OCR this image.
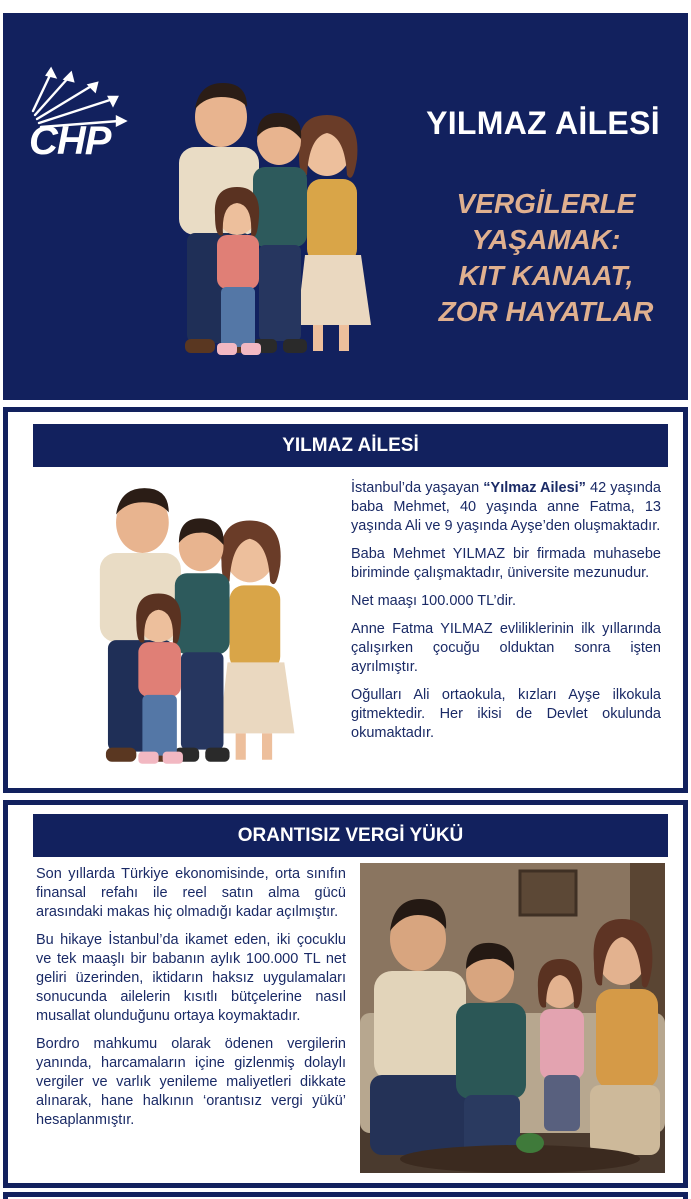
CHP	YILMAZ AİLESİ
VERGİLERLE
YAŞAMAK:
KIT KANAAT,
ZOR HAYATLAR
YILMAZ AİLESİ

İstanbul’da yaşayan “Yılmaz Ailesi” 42 yaşında baba Mehmet, 40 yaşında anne Fatma, 13 yaşında Ali ve 9 yaşında Ayşe’den oluşmaktadır.

Baba Mehmet YILMAZ bir firmada muhasebe biriminde çalışmaktadır, üniversite mezunudur.

Net maaşı 100.000 TL’dir.

Anne Fatma YILMAZ evliliklerinin ilk yıllarında çalışırken çocuğu olduktan sonra işten ayrılmıştır.

Oğulları Ali ortaokula, kızları Ayşe ilkokula gitmektedir. Her ikisi de Devlet okulunda okumaktadır.

ORANTISIZ VERGİ YÜKÜ

Son yıllarda Türkiye ekonomisinde, orta sınıfın finansal refahı ile reel satın alma gücü arasındaki makas hiç olmadığı kadar açılmıştır.

Bu hikaye İstanbul’da ikamet eden, iki çocuklu ve tek maaşlı bir babanın aylık 100.000 TL net geliri üzerinden, iktidarın haksız uygulamaları sonucunda ailelerin kısıtlı bütçelerine nasıl musallat olunduğunu ortaya koymaktadır.

Bordro mahkumu olarak ödenen vergilerin yanında, harcamaların içine gizlenmiş dolaylı vergiler ve varlık yenileme maliyetleri dikkate alınarak, hane halkının ‘orantısız vergi yükü’ hesaplanmıştır.
